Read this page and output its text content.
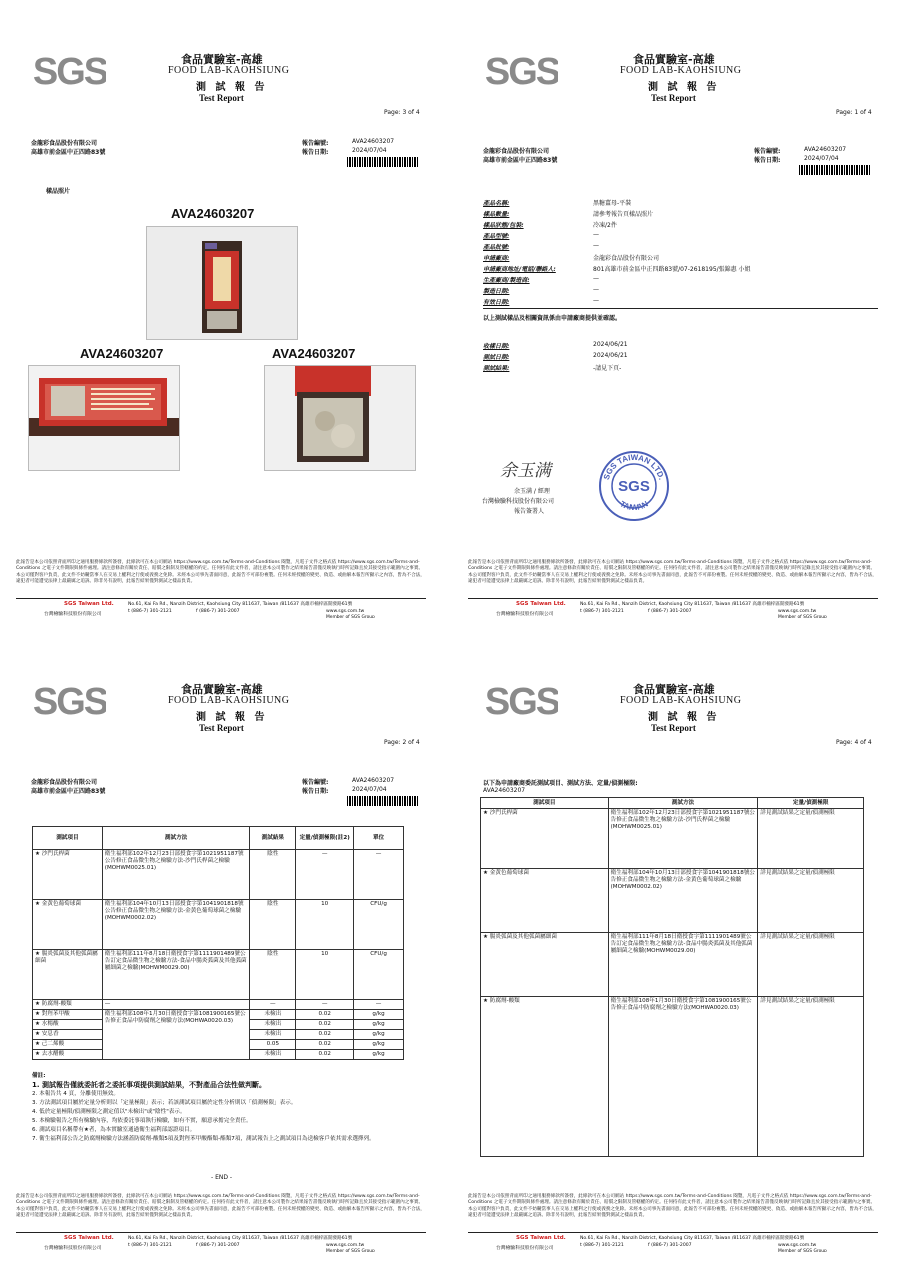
SGS	食品實驗室-高雄
FOOD LAB-KAOHSIUNG
測 試 報 告
Test Report
Page: 3 of 4
金龍彩食品股份有限公司
高雄市前金區中正四路83號
報告編號:	AVA24603207
報告日期:	2024/07/04
樣品照片
AVA24603207
AVA24603207	AVA24603207
此報告是本公司依照背面所印之通用服務條款所簽發，此條款可在本公司網站 https://www.sgs.com.tw/Terms-and-Conditions 閱覽，凡電子文件之格式依 https://www.sgs.com.tw/Terms-and-Conditions 之電子文件期限與條件處理。請注意條款有關於責任、賠償之限制及管轄權的約定。任何持有此文件者，請注意本公司製作之結果報告書僅反映執行時所記錄且於其接受指示範圍內之事實。本公司僅對客戶負責，此文件不妨礙當事人在交易上權利之行使或義務之免除。未經本公司事先書面同意，此報告不可部份複製。任何未經授權的變更、偽造、或曲解本報告所顯示之內容，皆為不合法，違犯者可能遭受法律上最嚴厲之追訴。除非另有說明，此報告結果僅對測試之樣品負責。
SGS Taiwan Ltd.
台灣檢驗科技股份有限公司
No.61, Kai Fa Rd., Nanzih District, Kaohsiung City 811637, Taiwan /811637 高雄市楠梓區開發路61號
t (886-7) 301-2121	f (886-7) 301-2007	www.sgs.com.tw
Member of SGS Group
SGS	食品實驗室-高雄
FOOD LAB-KAOHSIUNG
測 試 報 告
Test Report
Page: 1 of 4
金龍彩食品股份有限公司
高雄市前金區中正四路83號
報告編號:	AVA24603207
報告日期:	2024/07/04
產品名稱:	黑糖薑母-平裝
樣品數量:	請參考報告頁樣品照片
樣品狀態/包裝:	冷凍/2件
產品型號:	—
產品批號:	—
申請廠商:	金龍彩食品股份有限公司
申請廠商地址/電話/聯絡人:	801高雄市前金區中正四路83號/07-2618195/張錦惠 小姐
生產廠商/製造商:	—
製造日期:	—
有效日期:	—
以上測試樣品及相關資訊係由申請廠商提供並確認。
收樣日期:	2024/06/21
測試日期:	2024/06/21
測試結果:	-請見下頁-
余玉满
余玉满 / 經理
台灣檢驗科技股份有限公司
報告簽署人
SGS TAIWAN LTD.
TAIWAN
SGS
此報告是本公司依照背面所印之通用服務條款所簽發，此條款可在本公司網站 https://www.sgs.com.tw/Terms-and-Conditions 閱覽，凡電子文件之格式依 https://www.sgs.com.tw/Terms-and-Conditions 之電子文件期限與條件處理。請注意條款有關於責任、賠償之限制及管轄權的約定。任何持有此文件者，請注意本公司製作之結果報告書僅反映執行時所記錄且於其接受指示範圍內之事實。本公司僅對客戶負責，此文件不妨礙當事人在交易上權利之行使或義務之免除。未經本公司事先書面同意，此報告不可部份複製。任何未經授權的變更、偽造、或曲解本報告所顯示之內容，皆為不合法，違犯者可能遭受法律上最嚴厲之追訴。除非另有說明，此報告結果僅對測試之樣品負責。
SGS Taiwan Ltd.
台灣檢驗科技股份有限公司
No.61, Kai Fa Rd., Nanzih District, Kaohsiung City 811637, Taiwan /811637 高雄市楠梓區開發路61號
t (886-7) 301-2121	f (886-7) 301-2007	www.sgs.com.tw
Member of SGS Group
SGS	食品實驗室-高雄
FOOD LAB-KAOHSIUNG
測 試 報 告
Test Report
Page: 2 of 4
金龍彩食品股份有限公司
高雄市前金區中正四路83號
報告編號:	AVA24603207
報告日期:	2024/07/04
測試項目	測試方法	測試結果	定量/偵測極限(註2)	單位
★ 沙門氏桿菌	衛生福利部102年12月23日部授食字第1021951187號公告修正食品微生物之檢驗方法-沙門氏桿菌之檢驗(MOHWM0025.01)	陰性	—	—
★ 金黃色葡萄球菌	衛生福利部104年10月13日部授食字第1041901818號公告修正食品微生物之檢驗方法-金黃色葡萄球菌之檢驗(MOHWM0002.02)	陰性	10	CFU/g
★ 腸炎弧菌及其他弧菌屬細菌	衛生福利部111年8月18日衛授食字第1111901489號公告訂定食品微生物之檢驗方法-食品中腸炎弧菌及其他弧菌屬細菌之檢驗(MOHWM0029.00)	陰性	10	CFU/g
★ 防腐劑-酸類	—	—	—	—
★ 對羥苯甲酸	衛生福利部108年1月30日衛授食字第1081900165號公告修正食品中防腐劑之檢驗方法(MOHWA0020.03)	未檢出	0.02	g/kg
★ 水楊酸		未檢出	0.02	g/kg
★ 安息香		未檢出	0.02	g/kg
★ 己二烯酸		0.05	0.02	g/kg
★ 去水醋酸		未檢出	0.02	g/kg
備註:
1. 測試報告僅就委託者之委託事項提供測試結果，不對產品合法性做判斷。
2. 本報告共 4 頁，分離使用無效。
3. 方法測試項目屬於定量分析則以「定量極限」表示；若該測試項目屬於定性分析則以「偵測極限」表示。
4. 低於定量極限/偵測極限之測定值以"未檢出"或"陰性"表示。
5. 本檢驗報告之所有檢驗內容，均依委託事項執行檢驗，如有不實，願意承擔完全責任。
6. 測試項目名稱帶有★者，為本實驗室通過衛生福利部認證項目。
7. 衛生福利部公告之防腐劑檢驗方法涵蓋防腐劑-酸類5項及對羥苯甲酸酯類-酯類7項，測試報告上之測試項目為送檢客戶依其需求選擇列。
- END -
此報告是本公司依照背面所印之通用服務條款所簽發，此條款可在本公司網站 https://www.sgs.com.tw/Terms-and-Conditions 閱覽，凡電子文件之格式依 https://www.sgs.com.tw/Terms-and-Conditions 之電子文件期限與條件處理。請注意條款有關於責任、賠償之限制及管轄權的約定。任何持有此文件者，請注意本公司製作之結果報告書僅反映執行時所記錄且於其接受指示範圍內之事實。本公司僅對客戶負責，此文件不妨礙當事人在交易上權利之行使或義務之免除。未經本公司事先書面同意，此報告不可部份複製。任何未經授權的變更、偽造、或曲解本報告所顯示之內容，皆為不合法，違犯者可能遭受法律上最嚴厲之追訴。除非另有說明，此報告結果僅對測試之樣品負責。
SGS Taiwan Ltd.
台灣檢驗科技股份有限公司
No.61, Kai Fa Rd., Nanzih District, Kaohsiung City 811637, Taiwan /811637 高雄市楠梓區開發路61號
t (886-7) 301-2121	f (886-7) 301-2007	www.sgs.com.tw
Member of SGS Group
SGS	食品實驗室-高雄
FOOD LAB-KAOHSIUNG
測 試 報 告
Test Report
Page: 4 of 4
以下為申請廠商委託測試項目、測試方法、定量/偵測極限:
AVA24603207
測試項目	測試方法	定量/偵測極限
★ 沙門氏桿菌	衛生福利部102年12月23日部授食字第1021951187號公告修正食品微生物之檢驗方法-沙門氏桿菌之檢驗(MOHWM0025.01)	詳見測試結果之定量/偵測極限
★ 金黃色葡萄球菌	衛生福利部104年10月13日部授食字第1041901818號公告修正食品微生物之檢驗方法-金黃色葡萄球菌之檢驗(MOHWM0002.02)	詳見測試結果之定量/偵測極限
★ 腸炎弧菌及其他弧菌屬細菌	衛生福利部111年8月18日衛授食字第1111901489號公告訂定食品微生物之檢驗方法-食品中腸炎弧菌及其他弧菌屬細菌之檢驗(MOHWM0029.00)	詳見測試結果之定量/偵測極限
★ 防腐劑-酸類	衛生福利部108年1月30日衛授食字第1081900165號公告修正食品中防腐劑之檢驗方法(MOHWA0020.03)	詳見測試結果之定量/偵測極限
此報告是本公司依照背面所印之通用服務條款所簽發，此條款可在本公司網站 https://www.sgs.com.tw/Terms-and-Conditions 閱覽，凡電子文件之格式依 https://www.sgs.com.tw/Terms-and-Conditions 之電子文件期限與條件處理。請注意條款有關於責任、賠償之限制及管轄權的約定。任何持有此文件者，請注意本公司製作之結果報告書僅反映執行時所記錄且於其接受指示範圍內之事實。本公司僅對客戶負責，此文件不妨礙當事人在交易上權利之行使或義務之免除。未經本公司事先書面同意，此報告不可部份複製。任何未經授權的變更、偽造、或曲解本報告所顯示之內容，皆為不合法，違犯者可能遭受法律上最嚴厲之追訴。除非另有說明，此報告結果僅對測試之樣品負責。
SGS Taiwan Ltd.
台灣檢驗科技股份有限公司
No.61, Kai Fa Rd., Nanzih District, Kaohsiung City 811637, Taiwan /811637 高雄市楠梓區開發路61號
t (886-7) 301-2121	f (886-7) 301-2007	www.sgs.com.tw
Member of SGS Group
